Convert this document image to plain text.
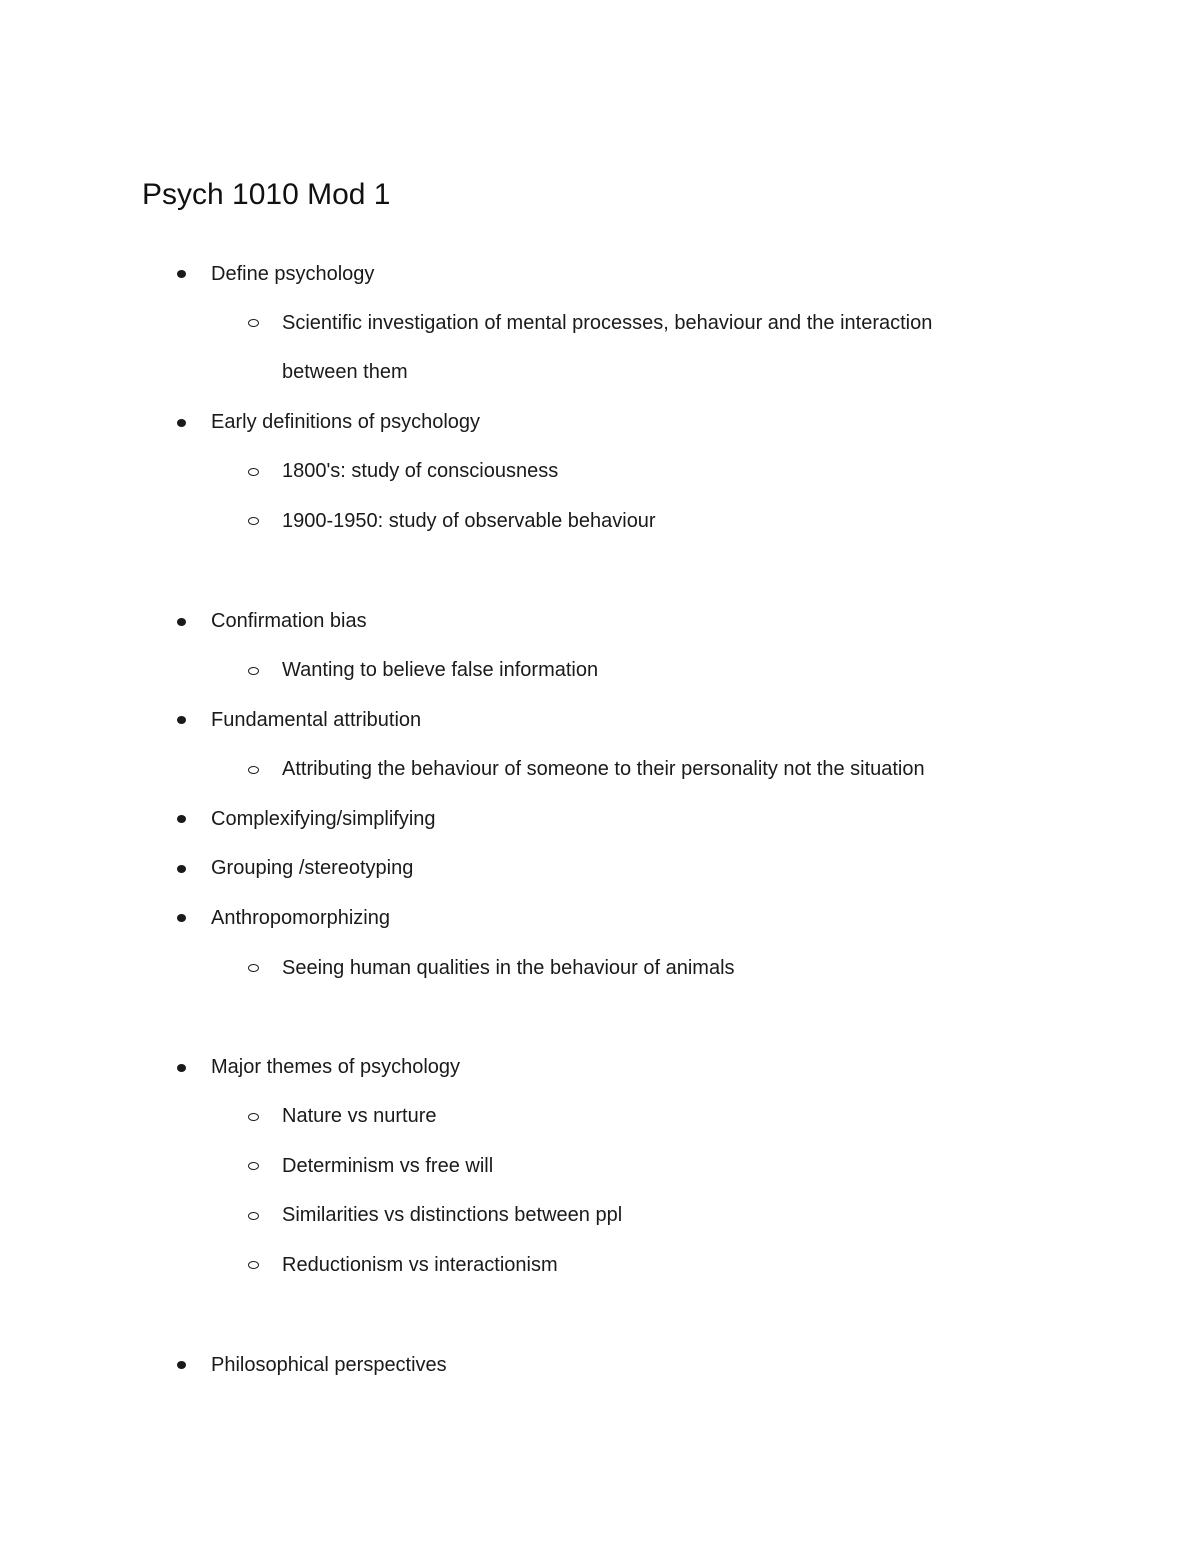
Psych 1010 Mod 1
Define psychology
Scientific investigation of mental processes, behaviour and the interaction
between them
Early definitions of psychology
1800's: study of consciousness
1900-1950: study of observable behaviour
Confirmation bias
Wanting to believe false information
Fundamental attribution
Attributing the behaviour of someone to their personality not the situation
Complexifying/simplifying
Grouping /stereotyping
Anthropomorphizing
Seeing human qualities in the behaviour of animals
Major themes of psychology
Nature vs nurture
Determinism vs free will
Similarities vs distinctions between ppl
Reductionism vs interactionism
Philosophical perspectives
